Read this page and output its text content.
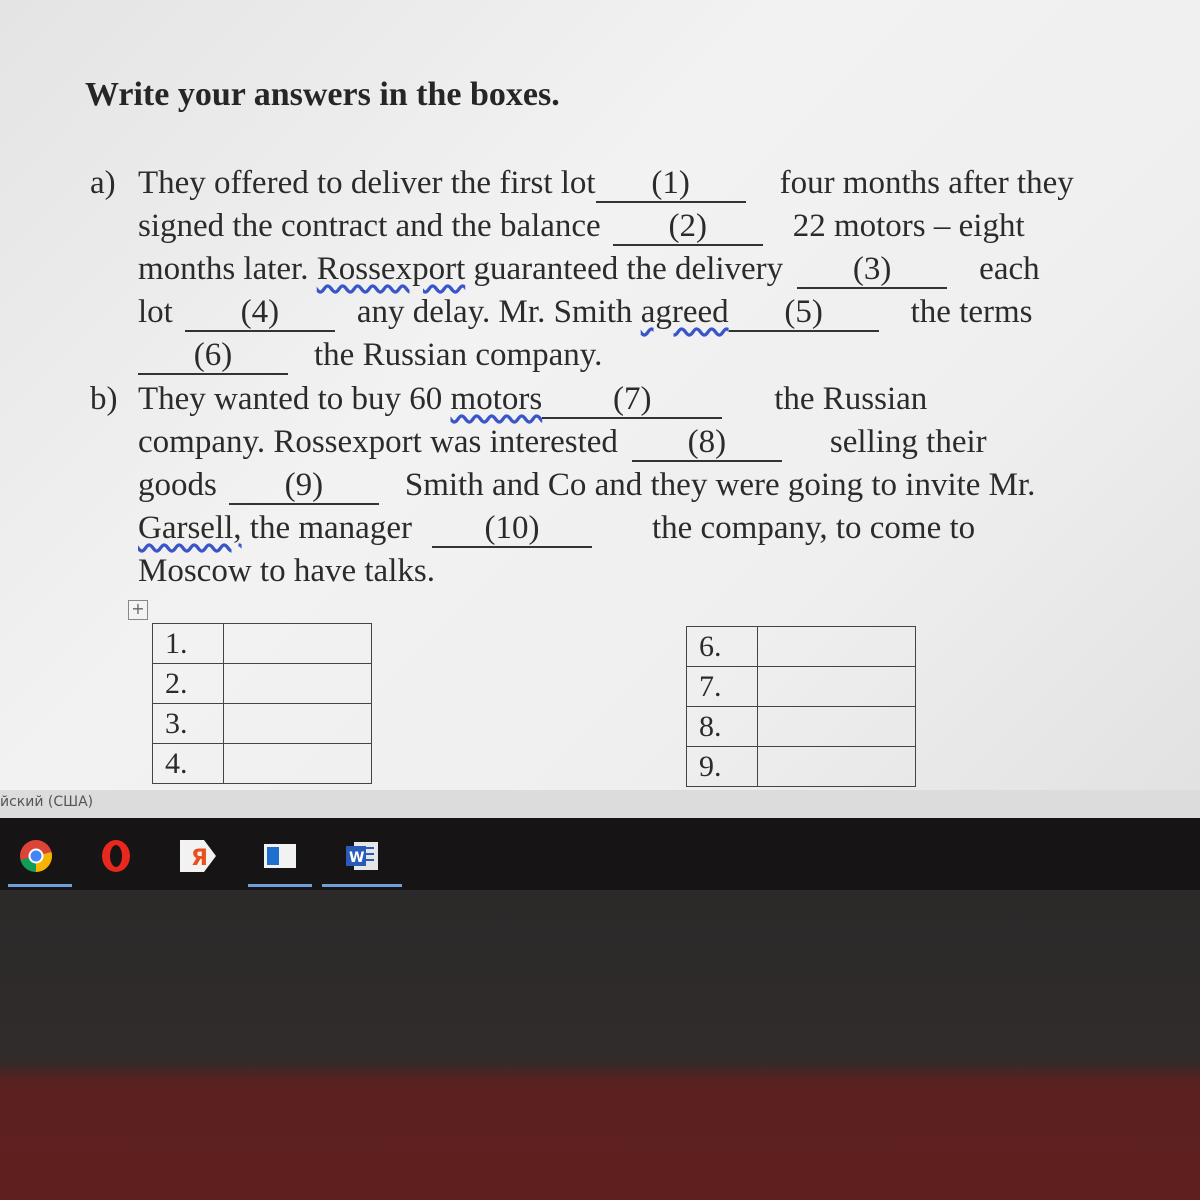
Write your answers in the boxes.
a) They offered to deliver the first lot (1)	four months after they
signed the contract and the balance (2)	22 motors – eight
months later. Rossexport guaranteed the delivery (3)	each
lot (4) any delay. Mr. Smith agreed (5)	the terms
(6) the Russian company.
b) They wanted to buy 60 motors (7)	the Russian
company. Rossexport was interested (8)	selling their
goods (9) Smith and Co and they were going to invite Mr.
Garsell, the manager (10)	the company, to come to
Moscow to have talks.
+
1.	
2.	
3.	
4.	
6.	
7.	
8.	
9.	
йский (США)
Я	W
